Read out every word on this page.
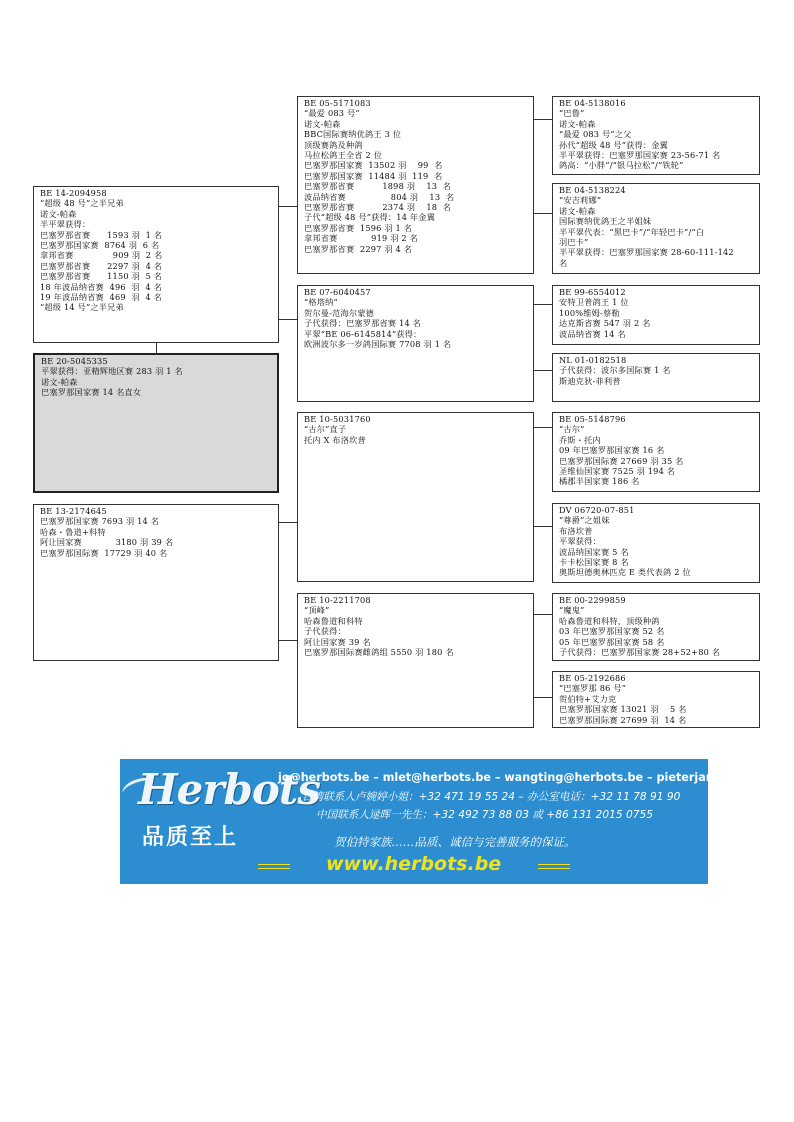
BE 14-2094958
“超级 48 号”之半兄弟
诺文-帕森
半平翠获得：
巴塞罗那省赛      1593 羽  1 名
巴塞罗那国家赛  8764 羽  6 名
拿邦省赛              909 羽  2 名
巴塞罗那省赛      2297 羽  4 名
巴塞罗那省赛      1150 羽  5 名
18 年波品纳省赛  496  羽  4 名
19 年波品纳省赛  469  羽  4 名
“超级 14 号”之半兄弟
BE 20-5045335
平翠获得：亚精辉地区赛 283 羽 1 名
诺文-帕森
巴塞罗那国家赛 14 名直女
BE 13-2174645
巴塞罗那国家赛 7693 羽 14 名
哈森・鲁道+科特
阿让国家赛            3180 羽 39 名
巴塞罗那国际赛  17729 羽 40 名
BE 05-5171083
“最爱 083 号”
诺文-帕森
BBC国际赛纳优鸽王 3 位
顶级赛鸽及种鸽
马拉松鸽王全省 2 位
巴塞罗那国家赛  13502 羽    99  名
巴塞罗那国家赛  11484 羽  119  名
巴塞罗那省赛          1898 羽    13  名
波品纳省赛                804 羽    13  名
巴塞罗那省赛          2374 羽    18  名
子代“超级 48 号”获得：14 年金翼
巴塞罗那省赛  1596 羽 1 名
拿邦省赛            919 羽 2 名
巴塞罗那省赛  2297 羽 4 名
BE 07-6040457
“格塔纳”
贺尔曼-范海尔蒙德
子代获得：巴塞罗那省赛 14 名
平翠“BE 06-6145814”获得：
欧洲波尔多一岁鸽国际赛 7708 羽 1 名
BE 10-5031760
“古尔”直子
托内 X 布洛坎普
BE 10-2211708
“顶峰”
哈森鲁道和科特
子代获得：
阿让国家赛 39 名
巴塞罗那国际赛雌鸽组 5550 羽 180 名
BE 04-5138016
“巴鲁”
诺文-帕森
“最爱 083 号”之父
孙代“超级 48 号”获得：金翼
半平翠获得：巴塞罗那国家赛 23-56-71 名
鸽高：“小胖”/“银马拉松”/“铁轮”
BE 04-5138224
“安吉莉娜”
诺文-帕森
国际赛纳优鸽王之半姐妹
半平翠代表：“黑巴卡”/“年轻巴卡”/“白
羽巴卡”
半平翠获得：巴塞罗那国家赛 28-60-111-142
名
BE 99-6554012
安特卫普鸽王 1 位
100%维姆-蔡勒
达克斯省赛 547 羽 2 名
波品纳省赛 14 名
NL 01-0182518
子代获得：波尔多国际赛 1 名
斯迪克狄-菲利普
BE 05-5148796
“古尔”
乔斯・托内
09 年巴塞罗那国家赛 16 名
巴塞罗那国际赛 27669 羽 35 名
圣维仙国家赛 7525 羽 194 名
橘郡半国家赛 186 名
DV 06720-07-851
“尊爵”之姐妹
布洛坎普
平翠获得：
波品纳国家赛 5 名
卡卡松国家赛 8 名
奥斯坦德奥林匹克 E 类代表鸽 2 位
BE 00-2299859
“魔鬼”
哈森鲁道和科特，顶级种鸽
03 年巴塞罗那国家赛 52 名
05 年巴塞罗那国家赛 58 名
子代获得：巴塞罗那国家赛 28+52+80 名
BE 05-2192686
“巴塞罗那 86 号”
贺伯特+艾力克
巴塞罗那国家赛 13021 羽    5 名
巴塞罗那国际赛 27699 羽  14 名
Herbots
品质至上
jo@herbots.be – mlet@herbots.be – wangting@herbots.be – pieterjan@herbots.be
台湾联系人卢婉婷小姐：+32 471 19 55 24 – 办公室电话：+32 11 78 91 90
中国联系人逯晖一先生：+32 492 73 88 03 或 +86 131 2015 0755
贺伯特家族……品质、诚信与完善服务的保证。
www.herbots.be
